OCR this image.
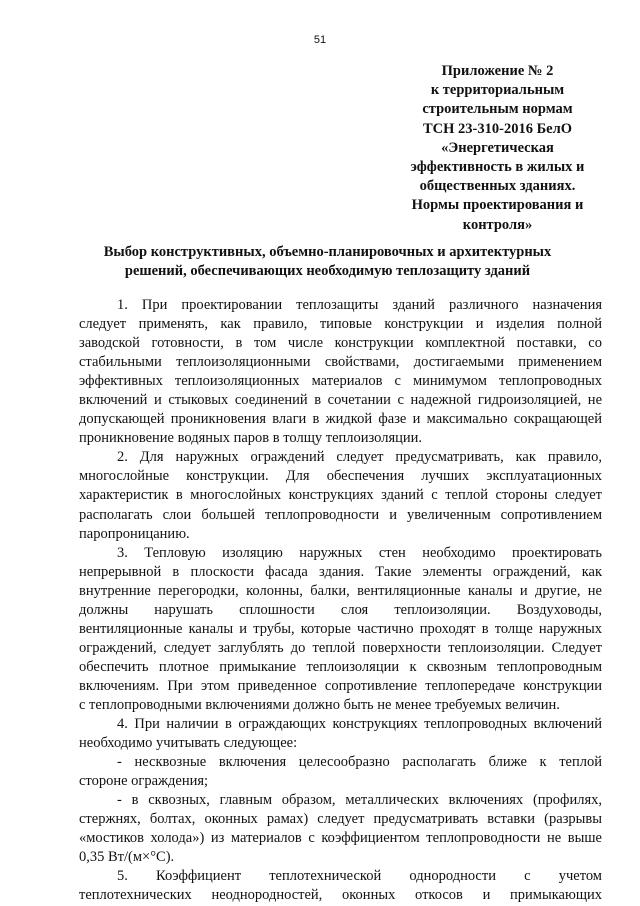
51
Приложение № 2
к территориальным
строительным нормам
ТСН 23-310-2016 БелО
«Энергетическая
эффективность в жилых и
общественных зданиях.
Нормы проектирования и
контроля»
Выбор конструктивных, объемно-планировочных и архитектурных
решений, обеспечивающих необходимую теплозащиту зданий
1. При проектировании теплозащиты зданий различного назначения
следует применять, как правило, типовые конструкции и изделия полной
заводской готовности, в том числе конструкции комплектной поставки, со
стабильными теплоизоляционными свойствами, достигаемыми применением
эффективных теплоизоляционных материалов с минимумом теплопроводных
включений и стыковых соединений в сочетании с надежной гидроизоляцией, не
допускающей проникновения влаги в жидкой фазе и максимально сокращающей
проникновение водяных паров в толщу теплоизоляции.
2. Для наружных ограждений следует предусматривать, как правило,
многослойные конструкции. Для обеспечения лучших эксплуатационных
характеристик в многослойных конструкциях зданий с теплой стороны следует
располагать слои большей теплопроводности и увеличенным сопротивлением
паропроницанию.
3. Тепловую изоляцию наружных стен необходимо проектировать
непрерывной в плоскости фасада здания. Такие элементы ограждений, как
внутренние перегородки, колонны, балки, вентиляционные каналы и другие, не
должны нарушать сплошности слоя теплоизоляции. Воздуховоды,
вентиляционные каналы и трубы, которые частично проходят в толще наружных
ограждений, следует заглублять до теплой поверхности теплоизоляции. Следует
обеспечить плотное примыкание теплоизоляции к сквозным теплопроводным
включениям. При этом приведенное сопротивление теплопередаче конструкции
с теплопроводными включениями должно быть не менее требуемых величин.
4. При наличии в ограждающих конструкциях теплопроводных включений
необходимо учитывать следующее:
- несквозные включения целесообразно располагать ближе к теплой
стороне ограждения;
- в сквозных, главным образом, металлических включениях (профилях,
стержнях, болтах, оконных рамах) следует предусматривать вставки (разрывы
«мостиков холода») из материалов с коэффициентом теплопроводности не выше
0,35 Вт/(м×°С).
5. Коэффициент теплотехнической однородности с учетом
теплотехнических неоднородностей, оконных откосов и примыкающих
